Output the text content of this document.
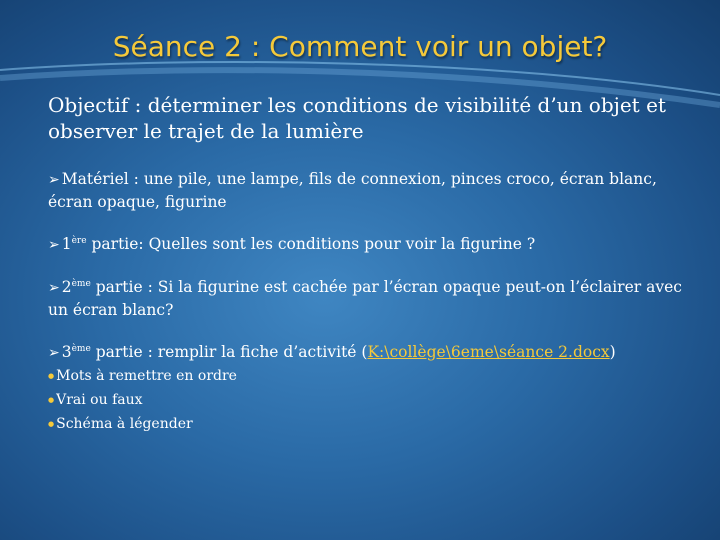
Séance 2 : Comment voir un objet?

Objectif : déterminer les conditions de visibilité d’un objet et observer le trajet de la lumière

➢ Matériel : une pile, une lampe, fils de connexion, pinces croco, écran blanc, écran opaque, figurine

➢ 1ère partie: Quelles sont les conditions pour voir la figurine ?

➢ 2ème partie : Si la figurine est cachée par l’écran opaque peut-on l’éclairer avec un écran blanc?

➢ 3ème partie : remplir la fiche d’activité (K:\collège\6eme\séance 2.docx)

● Mots à remettre en ordre
● Vrai ou faux
● Schéma à légender
